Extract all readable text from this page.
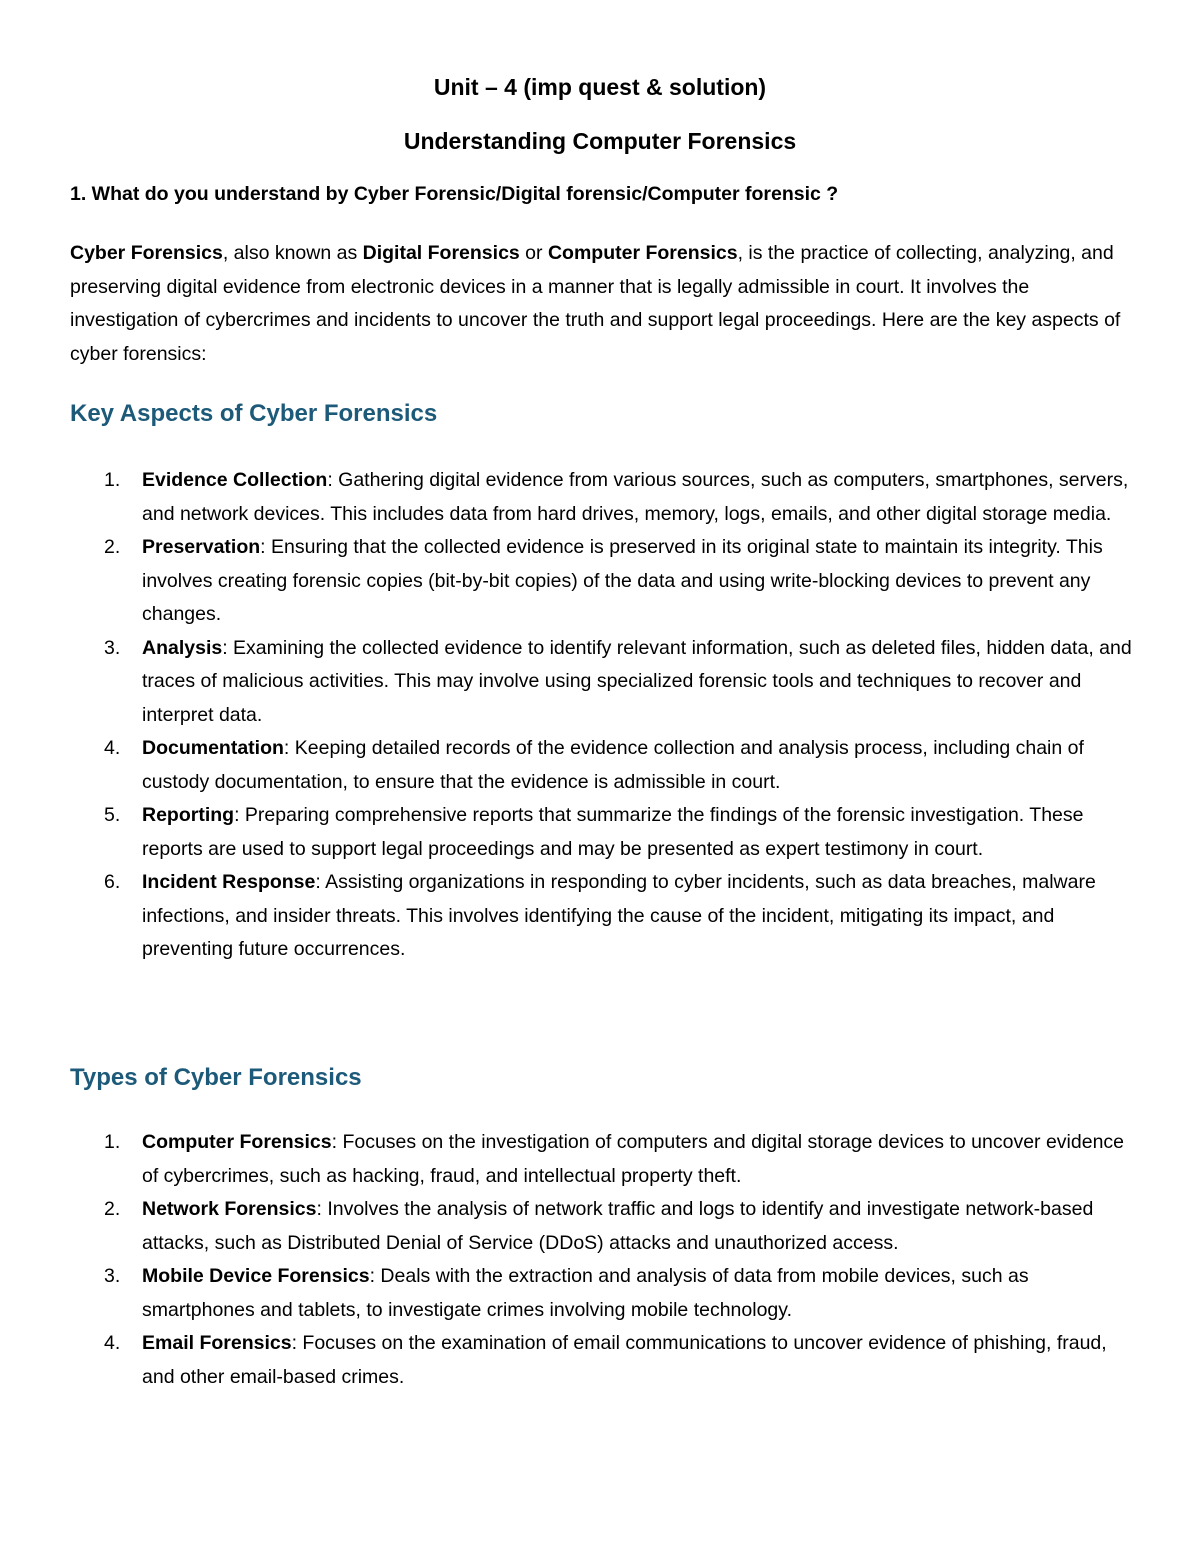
Unit – 4 (imp quest & solution)
Understanding Computer Forensics

1. What do you understand by Cyber Forensic/Digital forensic/Computer forensic ?

Cyber Forensics, also known as Digital Forensics or Computer Forensics, is the practice of collecting, analyzing, and preserving digital evidence from electronic devices in a manner that is legally admissible in court. It involves the investigation of cybercrimes and incidents to uncover the truth and support legal proceedings. Here are the key aspects of cyber forensics:

Key Aspects of Cyber Forensics
1. Evidence Collection: Gathering digital evidence from various sources, such as computers, smartphones, servers, and network devices. This includes data from hard drives, memory, logs, emails, and other digital storage media.
2. Preservation: Ensuring that the collected evidence is preserved in its original state to maintain its integrity. This involves creating forensic copies (bit-by-bit copies) of the data and using write-blocking devices to prevent any changes.
3. Analysis: Examining the collected evidence to identify relevant information, such as deleted files, hidden data, and traces of malicious activities. This may involve using specialized forensic tools and techniques to recover and interpret data.
4. Documentation: Keeping detailed records of the evidence collection and analysis process, including chain of custody documentation, to ensure that the evidence is admissible in court.
5. Reporting: Preparing comprehensive reports that summarize the findings of the forensic investigation. These reports are used to support legal proceedings and may be presented as expert testimony in court.
6. Incident Response: Assisting organizations in responding to cyber incidents, such as data breaches, malware infections, and insider threats. This involves identifying the cause of the incident, mitigating its impact, and preventing future occurrences.
Types of Cyber Forensics
1. Computer Forensics: Focuses on the investigation of computers and digital storage devices to uncover evidence of cybercrimes, such as hacking, fraud, and intellectual property theft.
2. Network Forensics: Involves the analysis of network traffic and logs to identify and investigate network-based attacks, such as Distributed Denial of Service (DDoS) attacks and unauthorized access.
3. Mobile Device Forensics: Deals with the extraction and analysis of data from mobile devices, such as smartphones and tablets, to investigate crimes involving mobile technology.
4. Email Forensics: Focuses on the examination of email communications to uncover evidence of phishing, fraud, and other email-based crimes.
